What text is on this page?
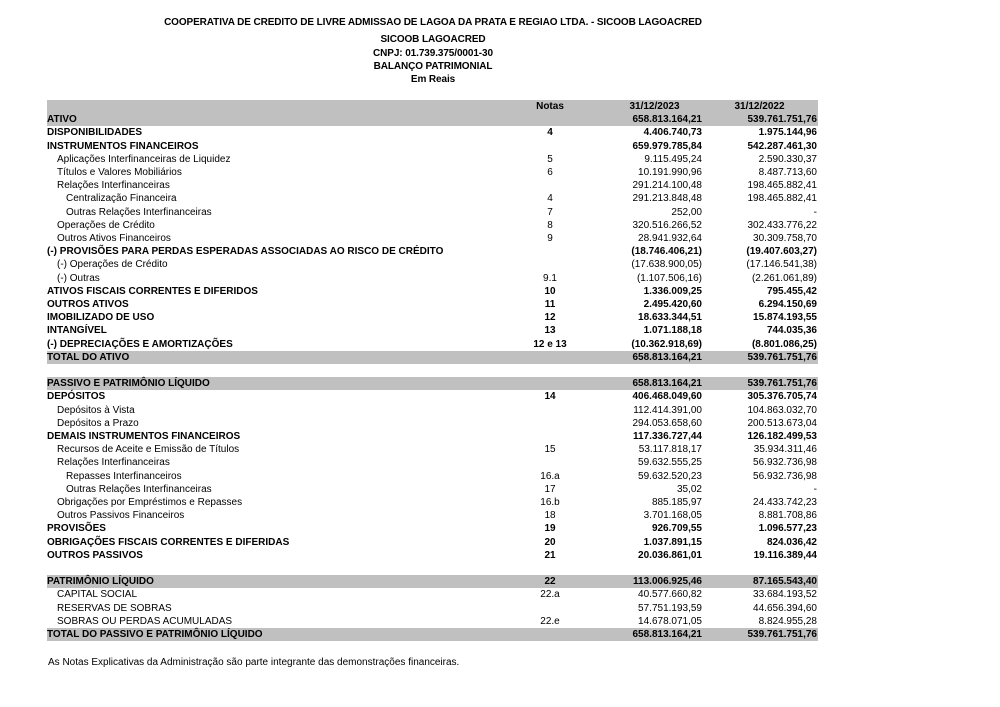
COOPERATIVA DE CREDITO DE LIVRE ADMISSAO DE LAGOA DA PRATA E REGIAO LTDA. - SICOOB LAGOACRED
SICOOB LAGOACRED
CNPJ: 01.739.375/0001-30
BALANÇO PATRIMONIAL
Em Reais
	Notas	31/12/2023	31/12/2022
ATIVO		658.813.164,21	539.761.751,76
DISPONIBILIDADES	4	4.406.740,73	1.975.144,96
INSTRUMENTOS FINANCEIROS		659.979.785,84	542.287.461,30
Aplicações Interfinanceiras de Liquidez	5	9.115.495,24	2.590.330,37
Títulos e Valores Mobiliários	6	10.191.990,96	8.487.713,60
Relações Interfinanceiras		291.214.100,48	198.465.882,41
Centralização Financeira	4	291.213.848,48	198.465.882,41
Outras Relações Interfinanceiras	7	252,00	-
Operações de Crédito	8	320.516.266,52	302.433.776,22
Outros Ativos Financeiros	9	28.941.932,64	30.309.758,70
(-) PROVISÕES PARA PERDAS ESPERADAS ASSOCIADAS AO RISCO DE CRÉDITO		(18.746.406,21)	(19.407.603,27)
(-) Operações de Crédito		(17.638.900,05)	(17.146.541,38)
(-) Outras	9.1	(1.107.506,16)	(2.261.061,89)
ATIVOS FISCAIS CORRENTES E DIFERIDOS	10	1.336.009,25	795.455,42
OUTROS ATIVOS	11	2.495.420,60	6.294.150,69
IMOBILIZADO DE USO	12	18.633.344,51	15.874.193,55
INTANGÍVEL	13	1.071.188,18	744.035,36
(-) DEPRECIAÇÕES E AMORTIZAÇÕES	12 e 13	(10.362.918,69)	(8.801.086,25)
TOTAL DO ATIVO		658.813.164,21	539.761.751,76

PASSIVO E PATRIMÔNIO LÍQUIDO		658.813.164,21	539.761.751,76
DEPÓSITOS	14	406.468.049,60	305.376.705,74
Depósitos à Vista		112.414.391,00	104.863.032,70
Depósitos a Prazo		294.053.658,60	200.513.673,04
DEMAIS INSTRUMENTOS FINANCEIROS		117.336.727,44	126.182.499,53
Recursos de Aceite e Emissão de Títulos	15	53.117.818,17	35.934.311,46
Relações Interfinanceiras		59.632.555,25	56.932.736,98
Repasses Interfinanceiros	16.a	59.632.520,23	56.932.736,98
Outras Relações Interfinanceiras	17	35,02	-
Obrigações por Empréstimos e Repasses	16.b	885.185,97	24.433.742,23
Outros Passivos Financeiros	18	3.701.168,05	8.881.708,86
PROVISÕES	19	926.709,55	1.096.577,23
OBRIGAÇÕES FISCAIS CORRENTES E DIFERIDAS	20	1.037.891,15	824.036,42
OUTROS PASSIVOS	21	20.036.861,01	19.116.389,44

PATRIMÔNIO LÍQUIDO	22	113.006.925,46	87.165.543,40
CAPITAL SOCIAL	22.a	40.577.660,82	33.684.193,52
RESERVAS DE SOBRAS		57.751.193,59	44.656.394,60
SOBRAS OU PERDAS ACUMULADAS	22.e	14.678.071,05	8.824.955,28
TOTAL DO PASSIVO E PATRIMÔNIO LÍQUIDO		658.813.164,21	539.761.751,76
As Notas Explicativas da Administração são parte integrante das demonstrações financeiras.
